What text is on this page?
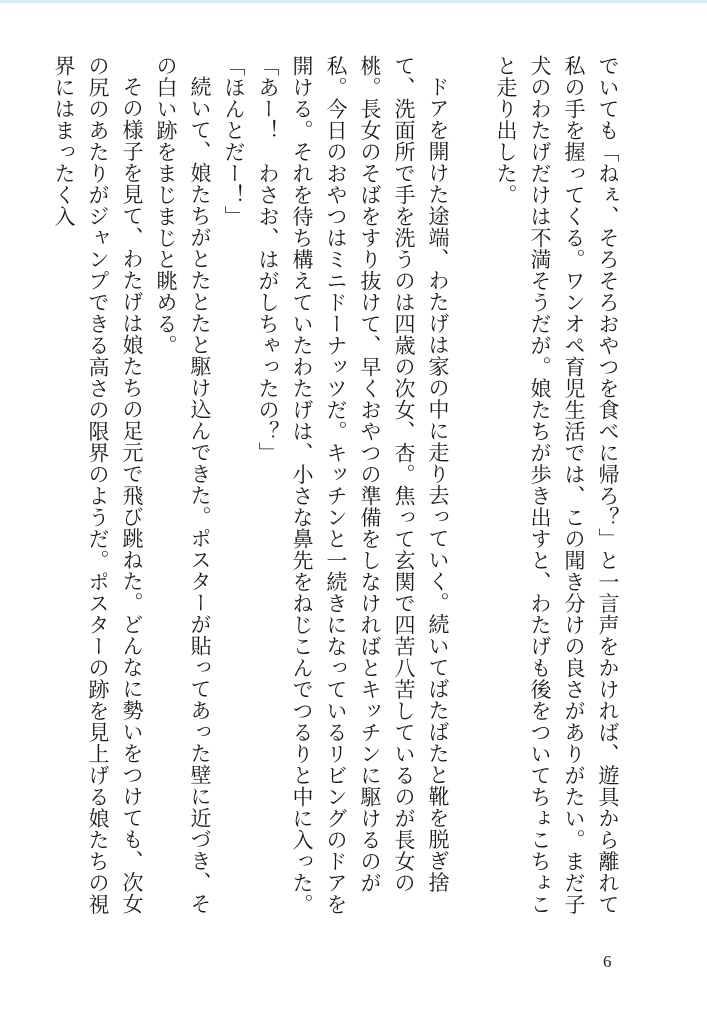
でいても「ねぇ、そろそろおやつを食べに帰ろ？」と一言声をかければ、遊具から離れて私の手を握ってくる。ワンオペ育児生活では、この聞き分けの良さがありがたい。まだ子犬のわたげだけは不満そうだが。娘たちが歩き出すと、わたげも後をついてちょこちょこと走り出した。

ドアを開けた途端、わたげは家の中に走り去っていく。続いてばたばたと靴を脱ぎ捨て、洗面所で手を洗うのは四歳の次女、杏。焦って玄関で四苦八苦しているのが長女の桃。長女のそばをすり抜けて、早くおやつの準備をしなければとキッチンに駆けるのが私。今日のおやつはミニドーナッツだ。キッチンと一続きになっているリビングのドアを開ける。それを待ち構えていたわたげは、小さな鼻先をねじこんでつるりと中に入った。

「あー！　わさお、はがしちゃったの？」

「ほんとだー！」

続いて、娘たちがとたとたと駆け込んできた。ポスターが貼ってあった壁に近づき、その白い跡をまじまじと眺める。

その様子を見て、わたげは娘たちの足元で飛び跳ねた。どんなに勢いをつけても、次女の尻のあたりがジャンプできる高さの限界のようだ。ポスターの跡を見上げる娘たちの視界にはまったく入

6
